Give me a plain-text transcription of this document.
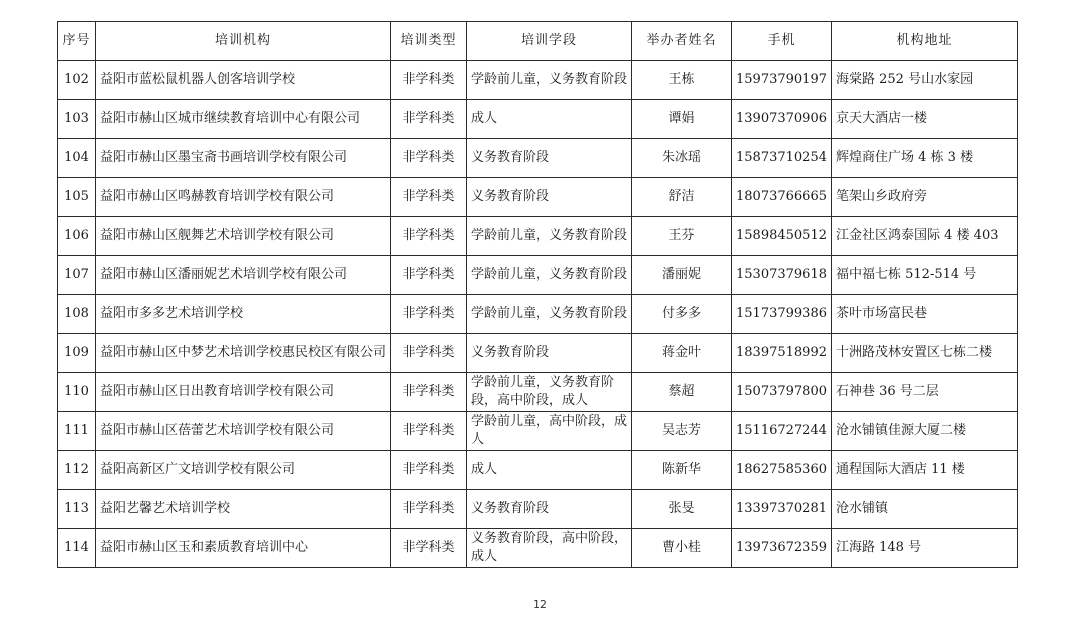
序号	培训机构	培训类型	培训学段	举办者姓名	手机	机构地址
102	益阳市蓝松鼠机器人创客培训学校	非学科类	学龄前儿童，义务教育阶段	王栋	15973790197	海棠路 252 号山水家园
103	益阳市赫山区城市继续教育培训中心有限公司	非学科类	成人	谭娟	13907370906	京天大酒店一楼
104	益阳市赫山区墨宝斋书画培训学校有限公司	非学科类	义务教育阶段	朱冰瑶	15873710254	辉煌商住广场 4 栋 3 楼
105	益阳市赫山区鸣赫教育培训学校有限公司	非学科类	义务教育阶段	舒洁	18073766665	笔架山乡政府旁
106	益阳市赫山区舰舞艺术培训学校有限公司	非学科类	学龄前儿童，义务教育阶段	王芬	15898450512	江金社区鸿泰国际 4 楼 403
107	益阳市赫山区潘丽妮艺术培训学校有限公司	非学科类	学龄前儿童，义务教育阶段	潘丽妮	15307379618	福中福七栋 512-514 号
108	益阳市多多艺术培训学校	非学科类	学龄前儿童，义务教育阶段	付多多	15173799386	茶叶市场富民巷
109	益阳市赫山区中梦艺术培训学校惠民校区有限公司	非学科类	义务教育阶段	蒋金叶	18397518992	十洲路茂林安置区七栋二楼
110	益阳市赫山区日出教育培训学校有限公司	非学科类	学龄前儿童，义务教育阶段，高中阶段，成人	蔡超	15073797800	石神巷 36 号二层
111	益阳市赫山区蓓蕾艺术培训学校有限公司	非学科类	学龄前儿童，高中阶段，成人	吴志芳	15116727244	沧水铺镇佳源大厦二楼
112	益阳高新区广文培训学校有限公司	非学科类	成人	陈新华	18627585360	通程国际大酒店 11 楼
113	益阳艺馨艺术培训学校	非学科类	义务教育阶段	张旻	13397370281	沧水铺镇
114	益阳市赫山区玉和素质教育培训中心	非学科类	义务教育阶段，高中阶段，成人	曹小桂	13973672359	江海路 148 号
12
